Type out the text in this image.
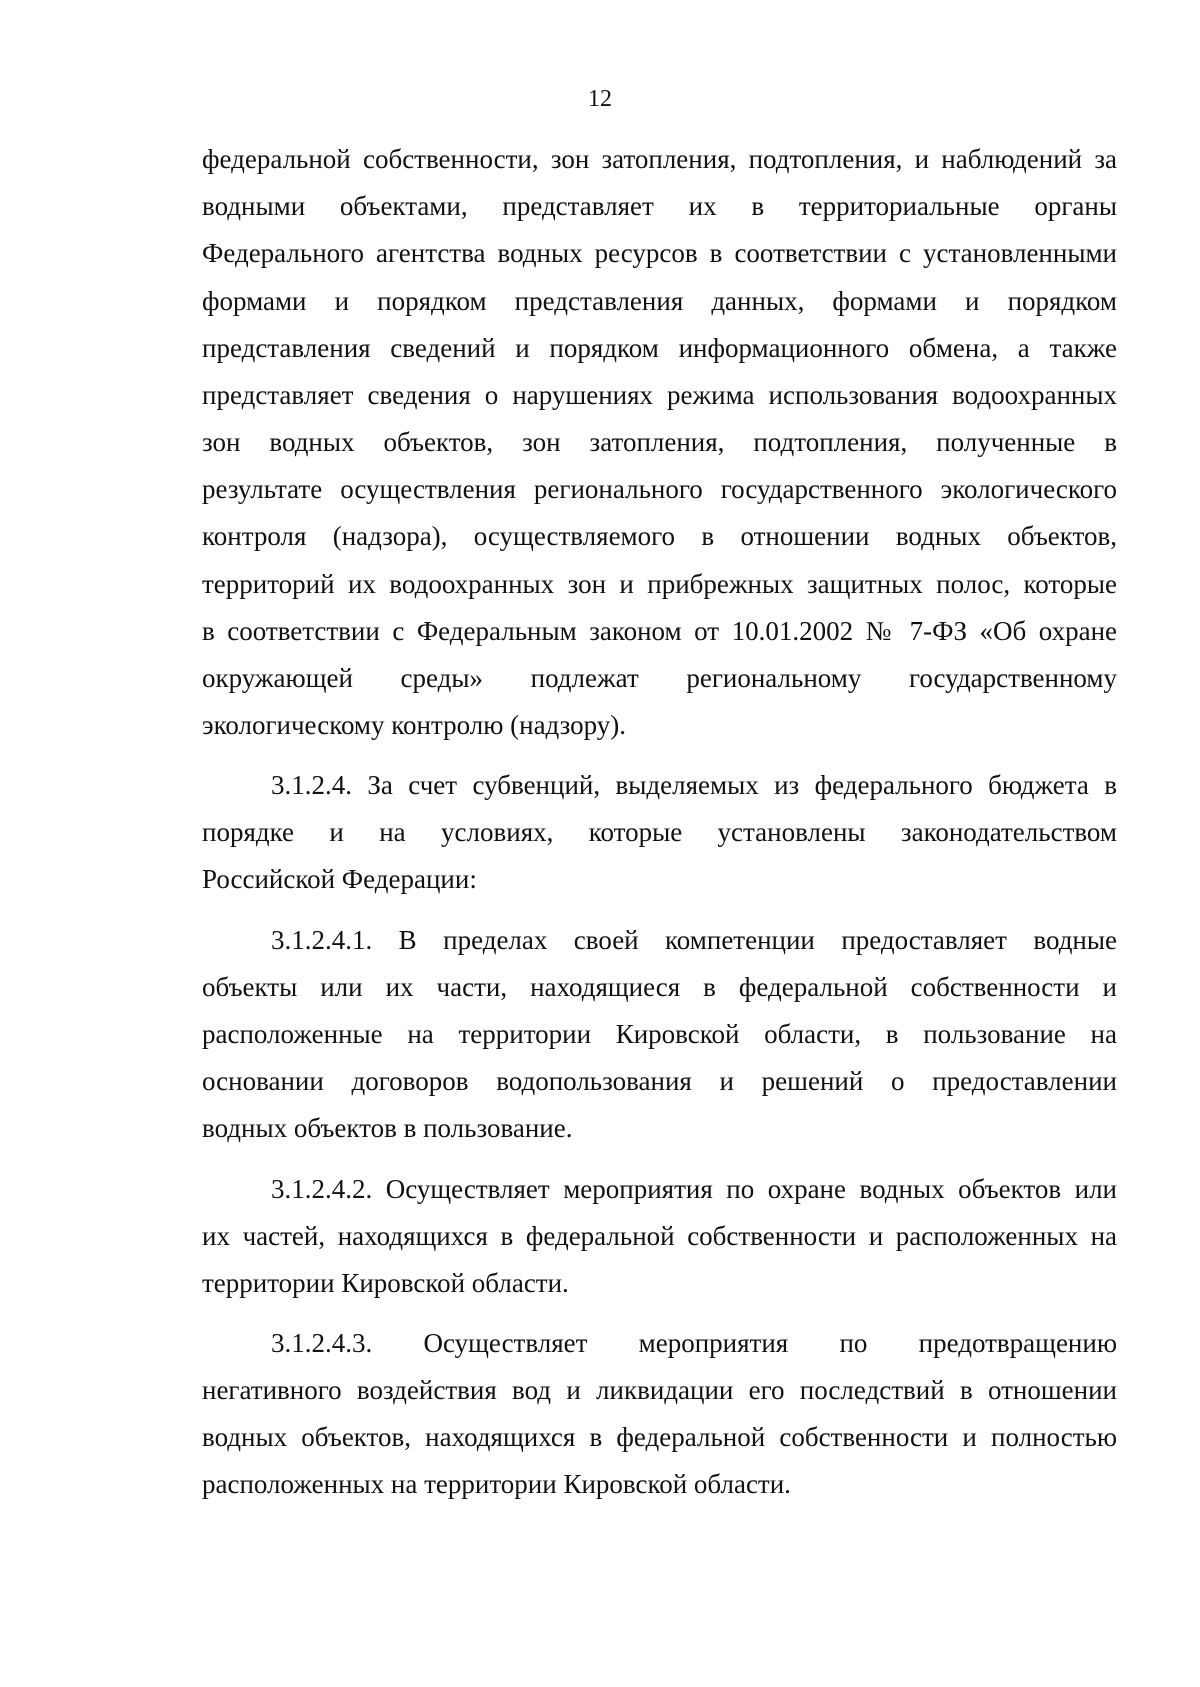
12
федеральной собственности, зон затопления, подтопления, и наблюдений за
водными объектами, представляет их в территориальные органы
Федерального агентства водных ресурсов в соответствии с установленными
формами и порядком представления данных, формами и порядком
представления сведений и порядком информационного обмена, а также
представляет сведения о нарушениях режима использования водоохранных
зон водных объектов, зон затопления, подтопления, полученные в
результате осуществления регионального государственного экологического
контроля (надзора), осуществляемого в отношении водных объектов,
территорий их водоохранных зон и прибрежных защитных полос, которые
в соответствии с Федеральным законом от 10.01.2002 № 7-ФЗ «Об охране
окружающей среды» подлежат региональному государственному
экологическому контролю (надзору).
3.1.2.4. За счет субвенций, выделяемых из федерального бюджета в
порядке и на условиях, которые установлены законодательством
Российской Федерации:
3.1.2.4.1. В пределах своей компетенции предоставляет водные
объекты или их части, находящиеся в федеральной собственности и
расположенные на территории Кировской области, в пользование на
основании договоров водопользования и решений о предоставлении
водных объектов в пользование.
3.1.2.4.2. Осуществляет мероприятия по охране водных объектов или
их частей, находящихся в федеральной собственности и расположенных на
территории Кировской области.
3.1.2.4.3. Осуществляет мероприятия по предотвращению
негативного воздействия вод и ликвидации его последствий в отношении
водных объектов, находящихся в федеральной собственности и полностью
расположенных на территории Кировской области.
